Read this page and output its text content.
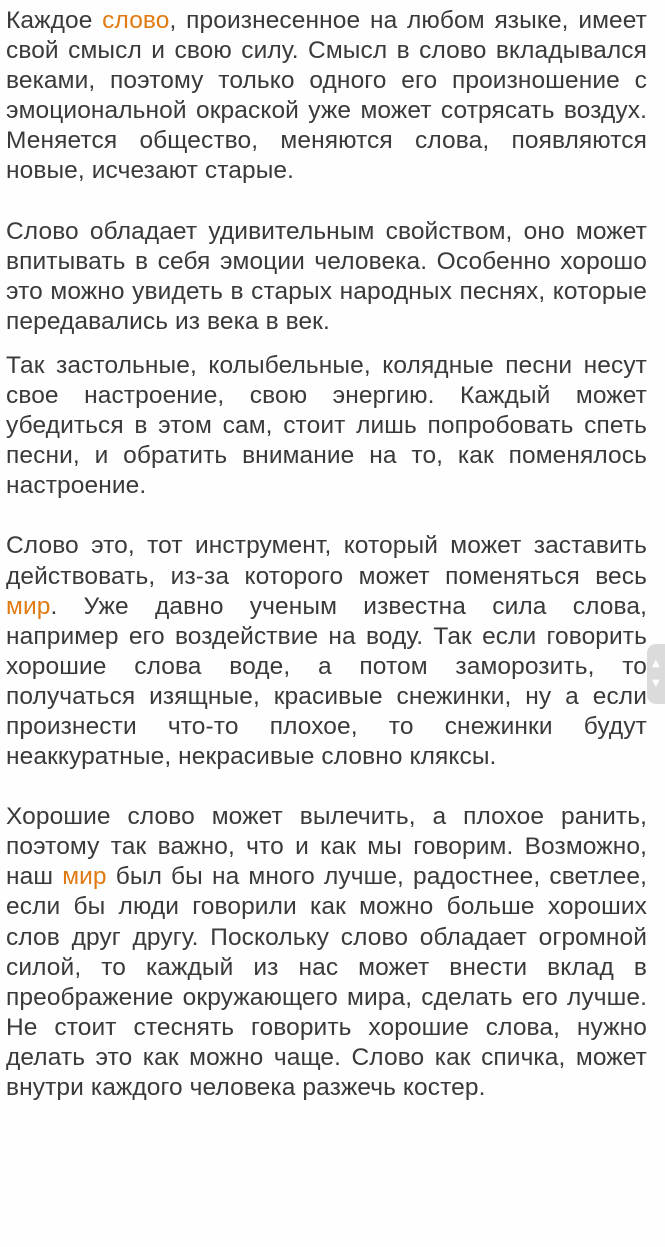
Каждое слово, произнесенное на любом языке, имеет свой смысл и свою силу. Смысл в слово вкладывался веками, поэтому только одного его произношение с эмоциональной окраской уже может сотрясать воздух. Меняется общество, меняются слова, появляются новые, исчезают старые.

Слово обладает удивительным свойством, оно может впитывать в себя эмоции человека. Особенно хорошо это можно увидеть в старых народных песнях, которые передавались из века в век.

Так застольные, колыбельные, колядные песни несут свое настроение, свою энергию. Каждый может убедиться в этом сам, стоит лишь попробовать спеть песни, и обратить внимание на то, как поменялось настроение.

Слово это, тот инструмент, который может заставить действовать, из-за которого может поменяться весь мир. Уже давно ученым известна сила слова, например его воздействие на воду. Так если говорить хорошие слова воде, а потом заморозить, то получаться изящные, красивые снежинки, ну а если произнести что-то плохое, то снежинки будут неаккуратные, некрасивые словно кляксы.

Хорошие слово может вылечить, а плохое ранить, поэтому так важно, что и как мы говорим. Возможно, наш мир был бы на много лучше, радостнее, светлее, если бы люди говорили как можно больше хороших слов друг другу. Поскольку слово обладает огромной силой, то каждый из нас может внести вклад в преображение окружающего мира, сделать его лучше. Не стоит стеснять говорить хорошие слова, нужно делать это как можно чаще. Слово как спичка, может внутри каждого человека разжечь костер.

▲
▼
